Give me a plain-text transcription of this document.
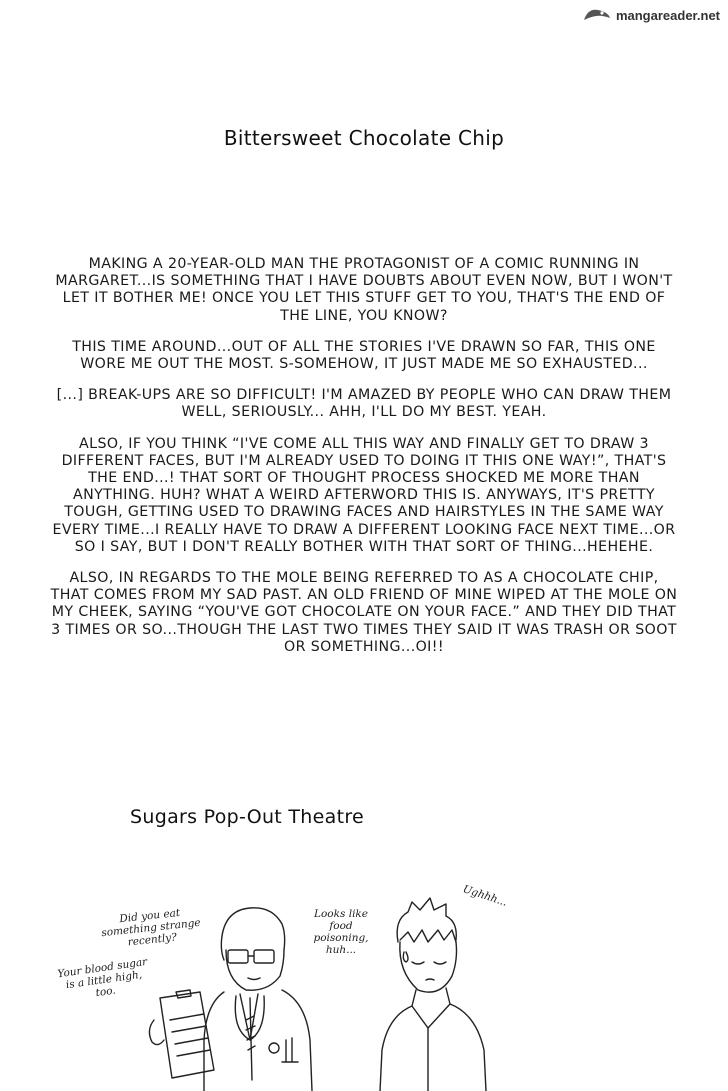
mangareader.net
Bittersweet Chocolate Chip

MAKING A 20-YEAR-OLD MAN THE PROTAGONIST OF A COMIC RUNNING IN MARGARET...IS SOMETHING THAT I HAVE DOUBTS ABOUT EVEN NOW, BUT I WON'T LET IT BOTHER ME! ONCE YOU LET THIS STUFF GET TO YOU, THAT'S THE END OF THE LINE, YOU KNOW?

THIS TIME AROUND...OUT OF ALL THE STORIES I'VE DRAWN SO FAR, THIS ONE WORE ME OUT THE MOST. S-SOMEHOW, IT JUST MADE ME SO EXHAUSTED...

[...] BREAK-UPS ARE SO DIFFICULT! I'M AMAZED BY PEOPLE WHO CAN DRAW THEM WELL, SERIOUSLY... AHH, I'LL DO MY BEST. YEAH.

ALSO, IF YOU THINK “I'VE COME ALL THIS WAY AND FINALLY GET TO DRAW 3 DIFFERENT FACES, BUT I'M ALREADY USED TO DOING IT THIS ONE WAY!”, THAT'S THE END...! THAT SORT OF THOUGHT PROCESS SHOCKED ME MORE THAN ANYTHING. HUH? WHAT A WEIRD AFTERWORD THIS IS. ANYWAYS, IT'S PRETTY TOUGH, GETTING USED TO DRAWING FACES AND HAIRSTYLES IN THE SAME WAY EVERY TIME...I REALLY HAVE TO DRAW A DIFFERENT LOOKING FACE NEXT TIME...OR SO I SAY, BUT I DON'T REALLY BOTHER WITH THAT SORT OF THING...HEHEHE.

ALSO, IN REGARDS TO THE MOLE BEING REFERRED TO AS A CHOCOLATE CHIP, THAT COMES FROM MY SAD PAST. AN OLD FRIEND OF MINE WIPED AT THE MOLE ON MY CHEEK, SAYING “YOU'VE GOT CHOCOLATE ON YOUR FACE.” AND THEY DID THAT 3 TIMES OR SO...THOUGH THE LAST TWO TIMES THEY SAID IT WAS TRASH OR SOOT OR SOMETHING...OI!!

Sugars Pop-Out Theatre
Did you eat something strange recently?
Your blood sugar is a little high, too.
Looks like food poisoning, huh...
Ughhh...
